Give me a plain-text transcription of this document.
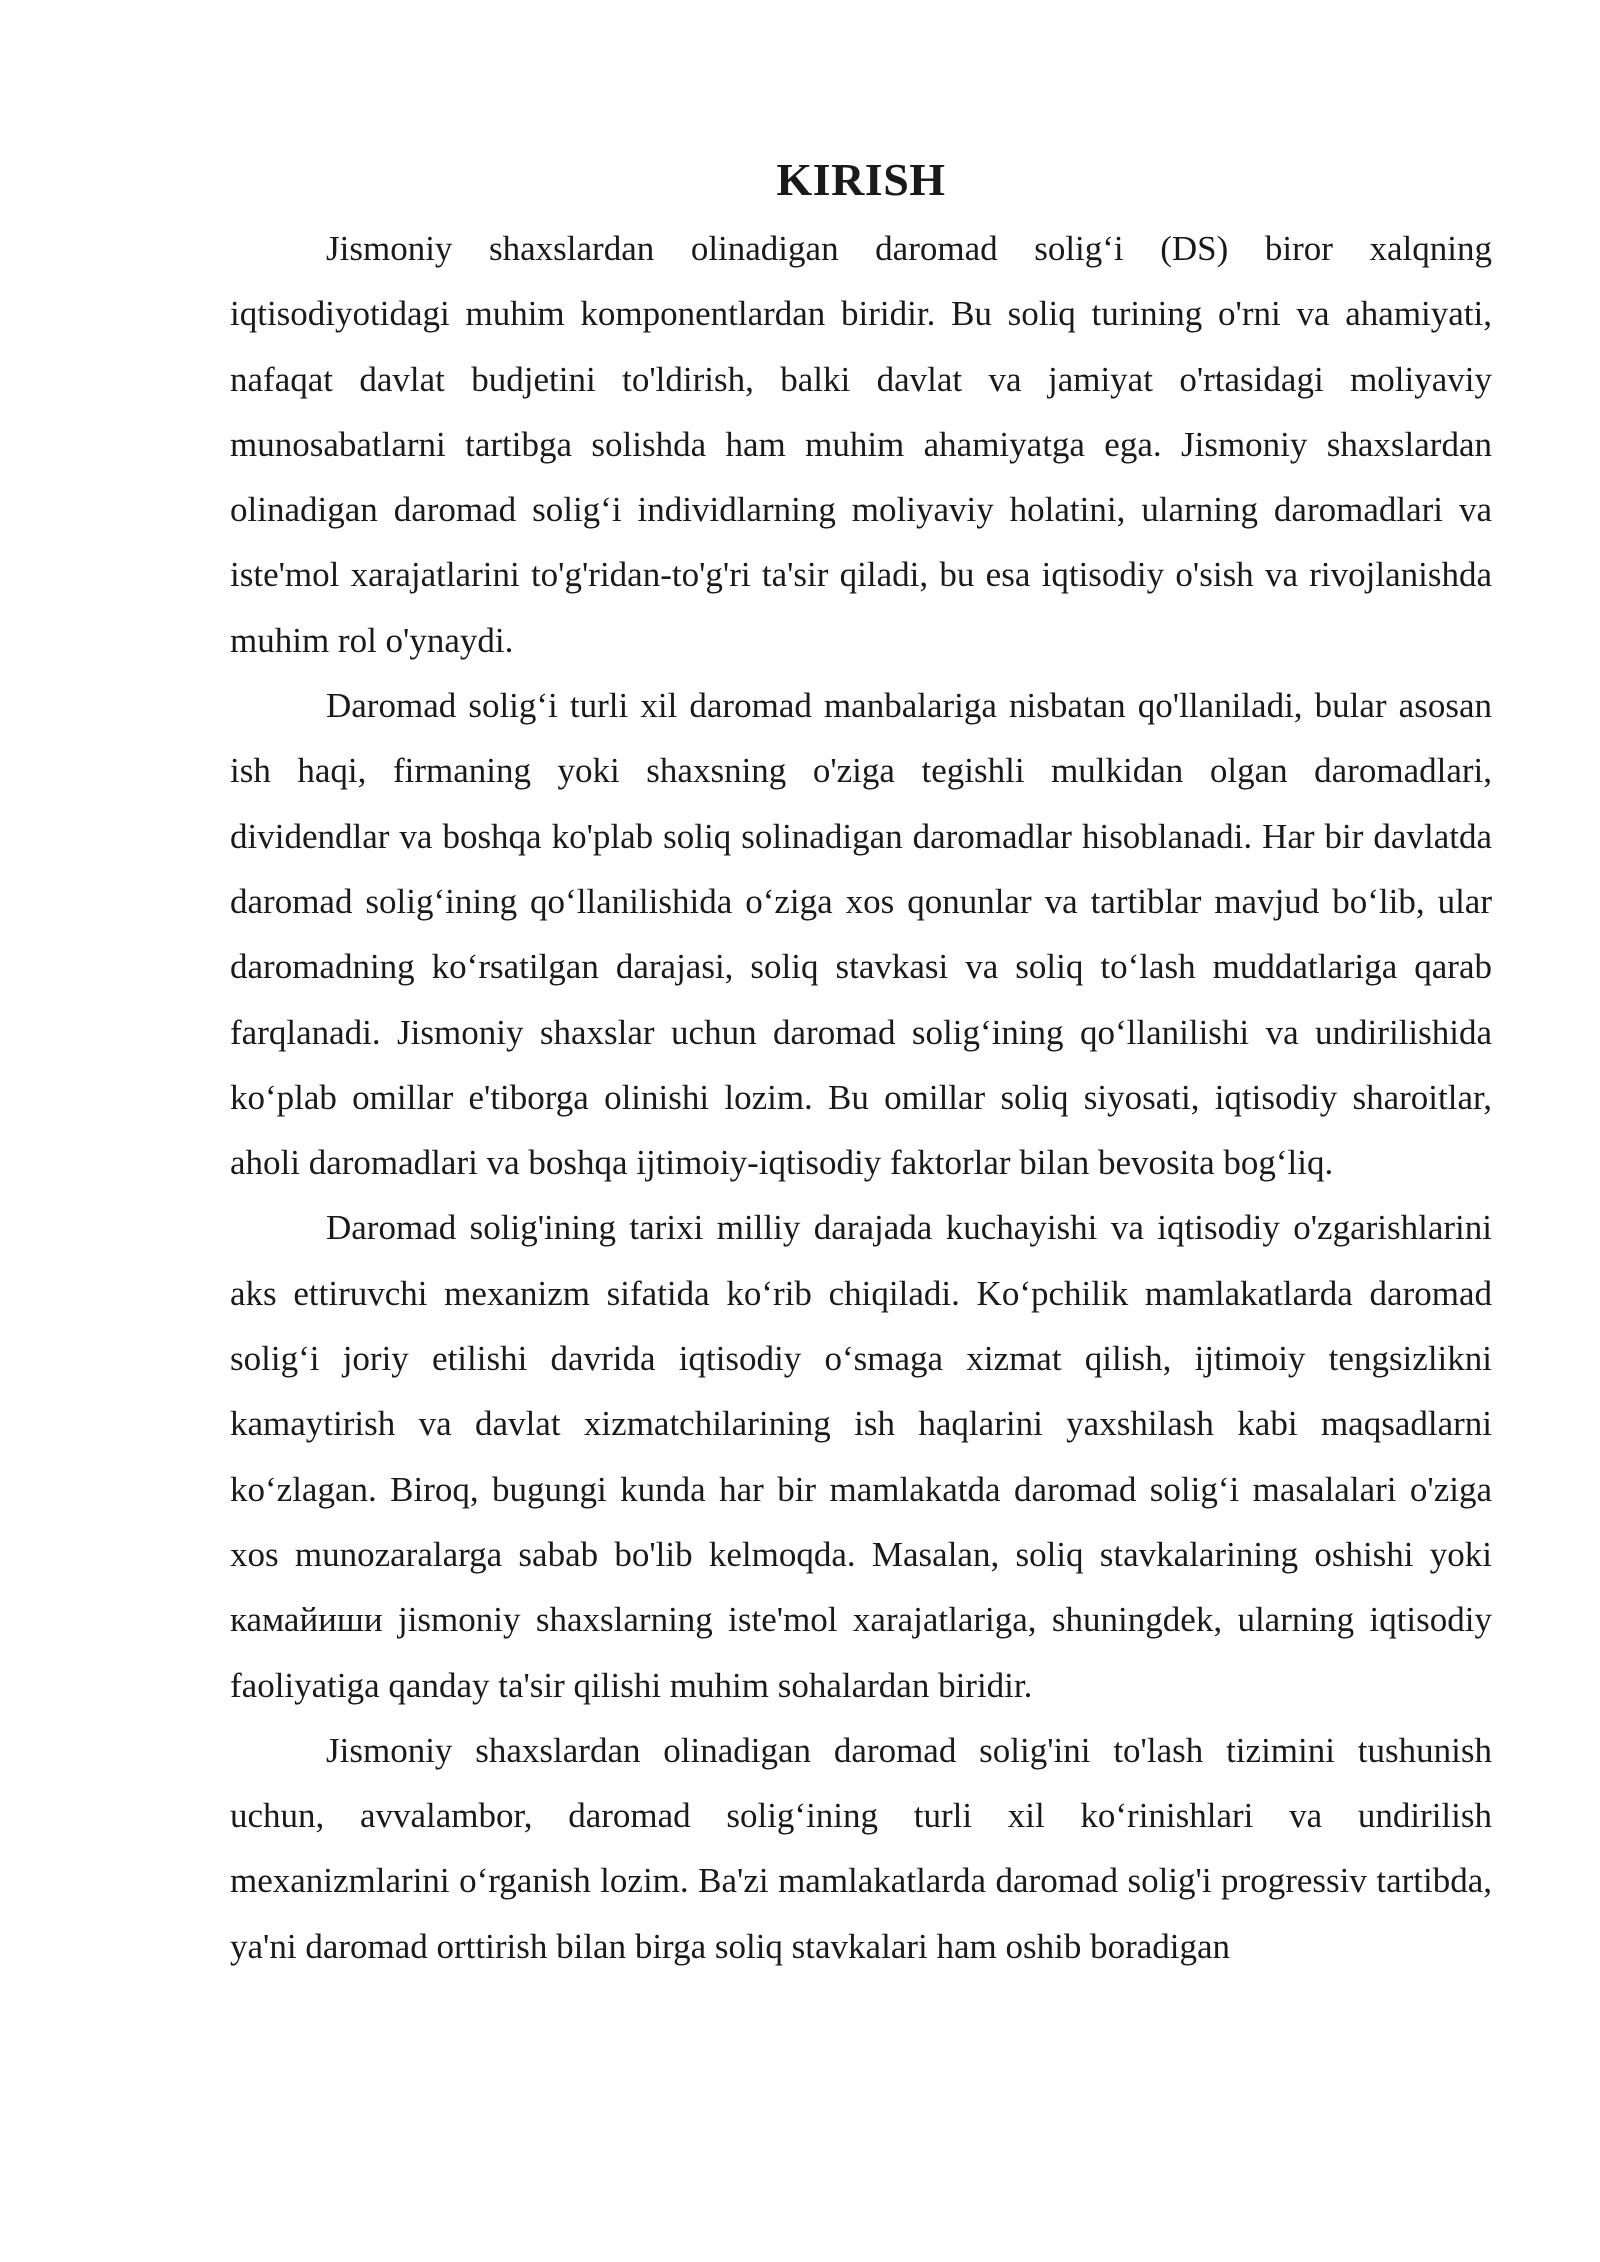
KIRISH

Jismoniy shaxslardan olinadigan daromad solig‘i (DS) biror xalqning iqtisodiyotidagi muhim komponentlardan biridir. Bu soliq turining o'rni va ahamiyati, nafaqat davlat budjetini to'ldirish, balki davlat va jamiyat o'rtasidagi moliyaviy munosabatlarni tartibga solishda ham muhim ahamiyatga ega. Jismoniy shaxslardan olinadigan daromad solig‘i individlarning moliyaviy holatini, ularning daromadlari va iste'mol xarajatlarini to'g'ridan-to'g'ri ta'sir qiladi, bu esa iqtisodiy o'sish va rivojlanishda muhim rol o'ynaydi.

Daromad solig‘i turli xil daromad manbalariga nisbatan qo'llaniladi, bular asosan ish haqi, firmaning yoki shaxsning o'ziga tegishli mulkidan olgan daromadlari, dividendlar va boshqa ko'plab soliq solinadigan daromadlar hisoblanadi. Har bir davlatda daromad solig‘ining qo‘llanilishida o‘ziga xos qonunlar va tartiblar mavjud bo‘lib, ular daromadning ko‘rsatilgan darajasi, soliq stavkasi va soliq to‘lash muddatlariga qarab farqlanadi. Jismoniy shaxslar uchun daromad solig‘ining qo‘llanilishi va undirilishida ko‘plab omillar e'tiborga olinishi lozim. Bu omillar soliq siyosati, iqtisodiy sharoitlar, aholi daromadlari va boshqa ijtimoiy-iqtisodiy faktorlar bilan bevosita bog‘liq.

Daromad solig'ining tarixi milliy darajada kuchayishi va iqtisodiy o'zgarishlarini aks ettiruvchi mexanizm sifatida ko‘rib chiqiladi. Ko‘pchilik mamlakatlarda daromad solig‘i joriy etilishi davrida iqtisodiy o‘smaga xizmat qilish, ijtimoiy tengsizlikni kamaytirish va davlat xizmatchilarining ish haqlarini yaxshilash kabi maqsadlarni ko‘zlagan. Biroq, bugungi kunda har bir mamlakatda daromad solig‘i masalalari o'ziga xos munozaralarga sabab bo'lib kelmoqda. Masalan, soliq stavkalarining oshishi yoki камайиши jismoniy shaxslarning iste'mol xarajatlariga, shuningdek, ularning iqtisodiy faoliyatiga qanday ta'sir qilishi muhim sohalardan biridir.

Jismoniy shaxslardan olinadigan daromad solig'ini to'lash tizimini tushunish uchun, avvalambor, daromad solig‘ining turli xil ko‘rinishlari va undirilish mexanizmlarini o‘rganish lozim. Ba'zi mamlakatlarda daromad solig'i progressiv tartibda, ya'ni daromad orttirish bilan birga soliq stavkalari ham oshib boradigan
